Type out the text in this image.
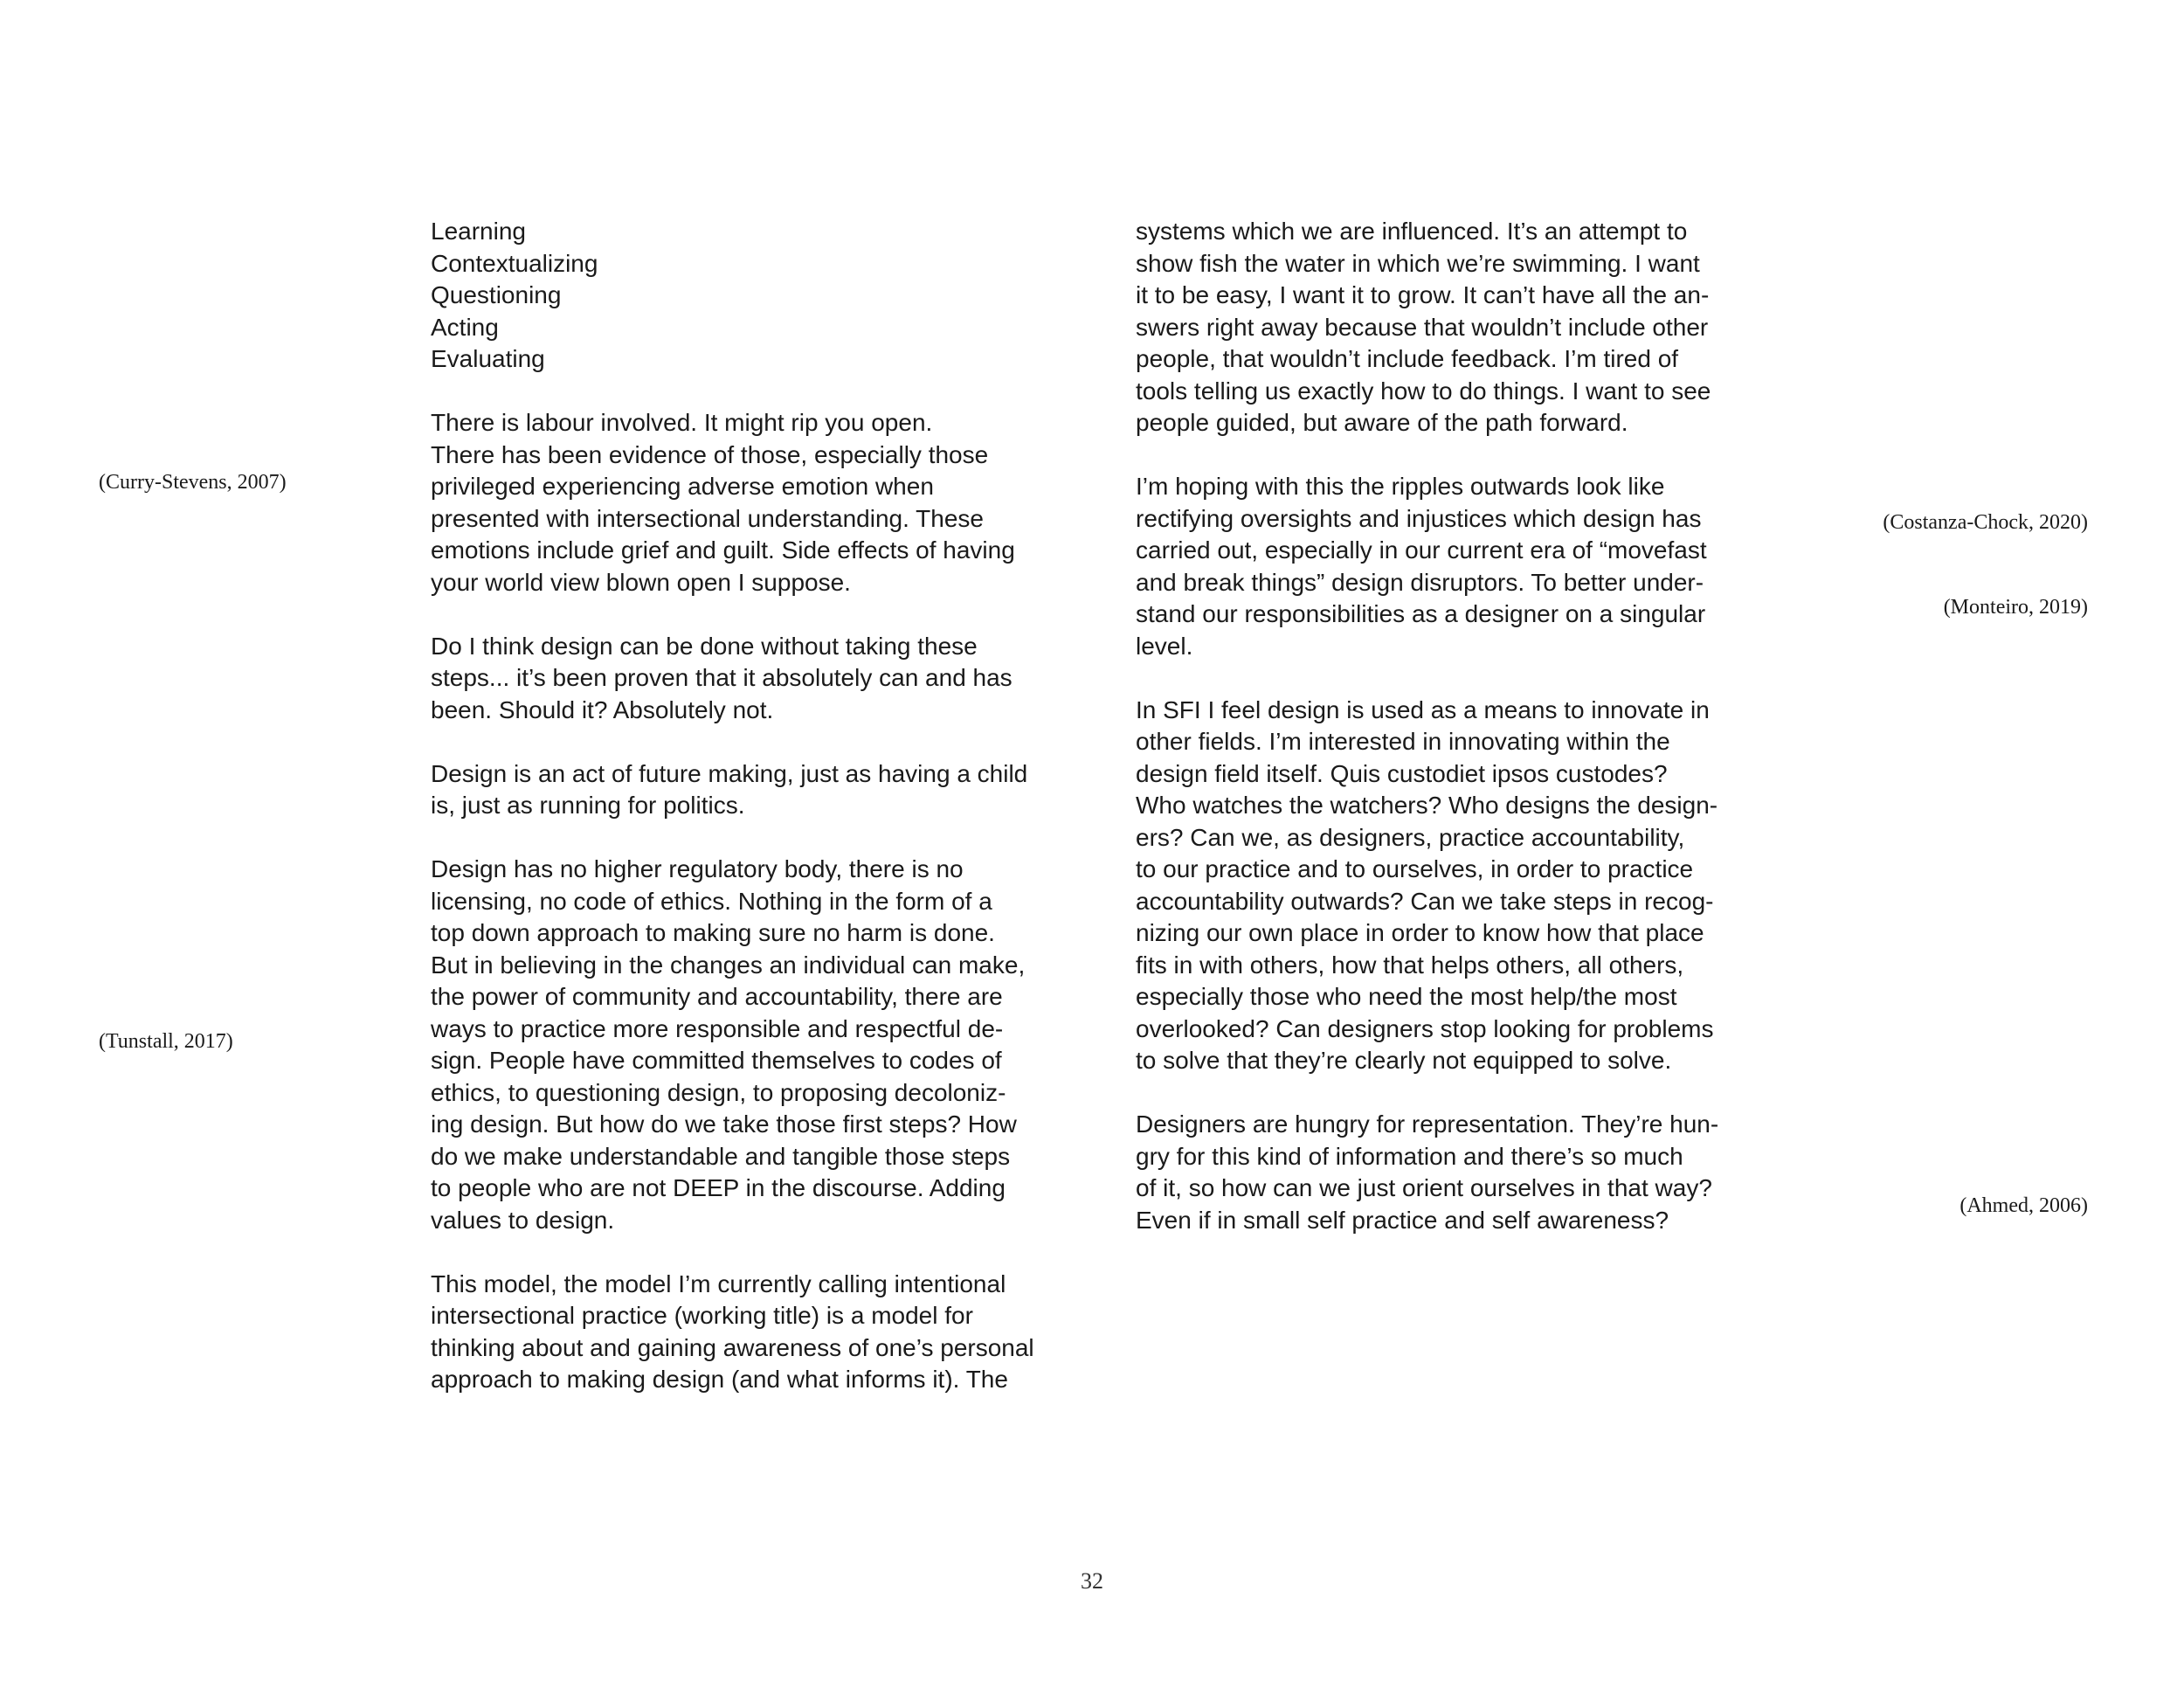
(Curry-Stevens, 2007)
(Tunstall, 2017)
Learning
Contextualizing
Questioning
Acting
Evaluating
There is labour involved. It might rip you open.
There has been evidence of those, especially those
privileged experiencing adverse emotion when
presented with intersectional understanding. These
emotions include grief and guilt. Side effects of having
your world view blown open I suppose.
Do I think design can be done without taking these
steps... it’s been proven that it absolutely can and has
been. Should it? Absolutely not.
Design is an act of future making, just as having a child
is, just as running for politics.
Design has no higher regulatory body, there is no
licensing, no code of ethics. Nothing in the form of a
top down approach to making sure no harm is done.
But in believing in the changes an individual can make,
the power of community and accountability, there are
ways to practice more responsible and respectful de-
sign. People have committed themselves to codes of
ethics, to questioning design, to proposing decoloniz-
ing design. But how do we take those first steps? How
do we make understandable and tangible those steps
to people who are not DEEP in the discourse. Adding
values to design.
This model, the model I’m currently calling intentional
intersectional practice (working title) is a model for
thinking about and gaining awareness of one’s personal
approach to making design (and what informs it). The
systems which we are influenced. It’s an attempt to
show fish the water in which we’re swimming. I want
it to be easy, I want it to grow. It can’t have all the an-
swers right away because that wouldn’t include other
people, that wouldn’t include feedback. I’m tired of
tools telling us exactly how to do things. I want to see
people guided, but aware of the path forward.
I’m hoping with this the ripples outwards look like
rectifying oversights and injustices which design has
carried out, especially in our current era of “movefast
and break things” design disruptors. To better under-
stand our responsibilities as a designer on a singular
level.
In SFI I feel design is used as a means to innovate in
other fields. I’m interested in innovating within the
design field itself. Quis custodiet ipsos custodes?
Who watches the watchers? Who designs the design-
ers? Can we, as designers, practice accountability,
to our practice and to ourselves, in order to practice
accountability outwards? Can we take steps in recog-
nizing our own place in order to know how that place
fits in with others, how that helps others, all others,
especially those who need the most help/the most
overlooked? Can designers stop looking for problems
to solve that they’re clearly not equipped to solve.
Designers are hungry for representation. They’re hun-
gry for this kind of information and there’s so much
of it, so how can we just orient ourselves in that way?
Even if in small self practice and self awareness?
(Costanza-Chock, 2020)
(Monteiro, 2019)
(Ahmed, 2006)
32
